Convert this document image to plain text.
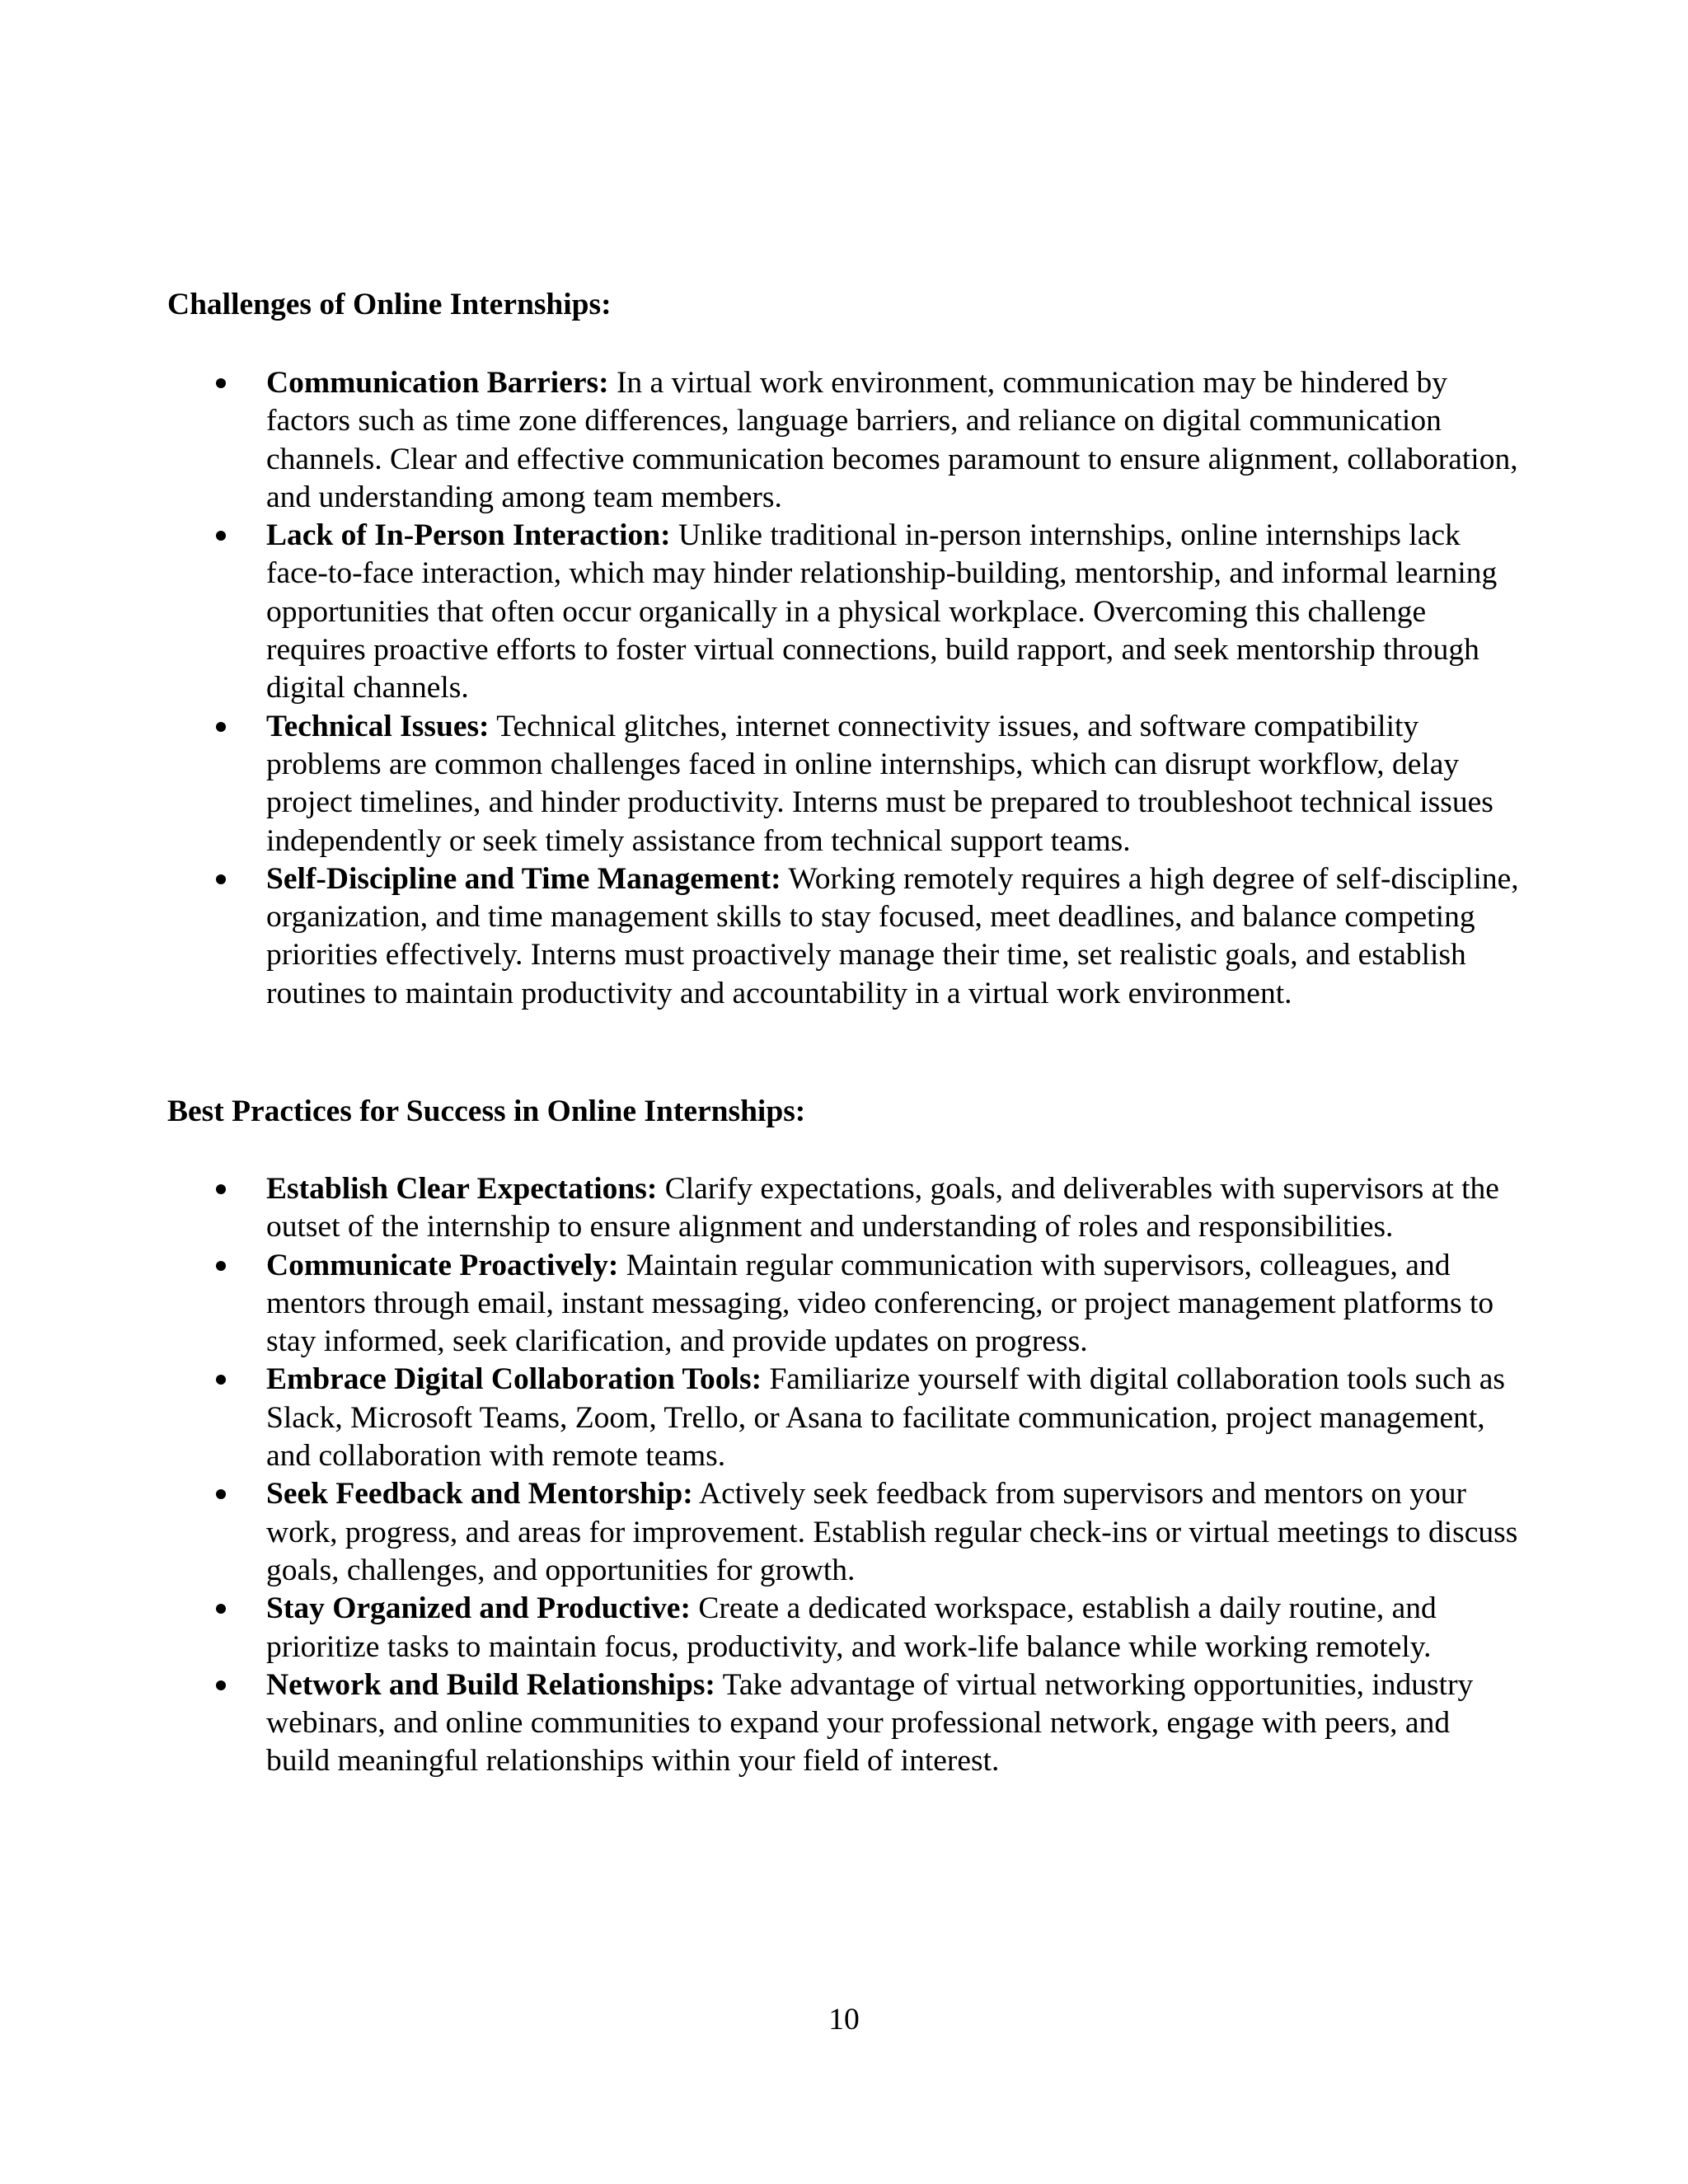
Challenges of Online Internships:
Communication Barriers: In a virtual work environment, communication may be hindered by factors such as time zone differences, language barriers, and reliance on digital communication channels. Clear and effective communication becomes paramount to ensure alignment, collaboration, and understanding among team members.
Lack of In-Person Interaction: Unlike traditional in-person internships, online internships lack face-to-face interaction, which may hinder relationship-building, mentorship, and informal learning opportunities that often occur organically in a physical workplace. Overcoming this challenge requires proactive efforts to foster virtual connections, build rapport, and seek mentorship through digital channels.
Technical Issues: Technical glitches, internet connectivity issues, and software compatibility problems are common challenges faced in online internships, which can disrupt workflow, delay project timelines, and hinder productivity. Interns must be prepared to troubleshoot technical issues independently or seek timely assistance from technical support teams.
Self-Discipline and Time Management: Working remotely requires a high degree of self-discipline, organization, and time management skills to stay focused, meet deadlines, and balance competing priorities effectively. Interns must proactively manage their time, set realistic goals, and establish routines to maintain productivity and accountability in a virtual work environment.
Best Practices for Success in Online Internships:
Establish Clear Expectations: Clarify expectations, goals, and deliverables with supervisors at the outset of the internship to ensure alignment and understanding of roles and responsibilities.
Communicate Proactively: Maintain regular communication with supervisors, colleagues, and mentors through email, instant messaging, video conferencing, or project management platforms to stay informed, seek clarification, and provide updates on progress.
Embrace Digital Collaboration Tools: Familiarize yourself with digital collaboration tools such as Slack, Microsoft Teams, Zoom, Trello, or Asana to facilitate communication, project management, and collaboration with remote teams.
Seek Feedback and Mentorship: Actively seek feedback from supervisors and mentors on your work, progress, and areas for improvement. Establish regular check-ins or virtual meetings to discuss goals, challenges, and opportunities for growth.
Stay Organized and Productive: Create a dedicated workspace, establish a daily routine, and prioritize tasks to maintain focus, productivity, and work-life balance while working remotely.
Network and Build Relationships: Take advantage of virtual networking opportunities, industry webinars, and online communities to expand your professional network, engage with peers, and build meaningful relationships within your field of interest.
10
